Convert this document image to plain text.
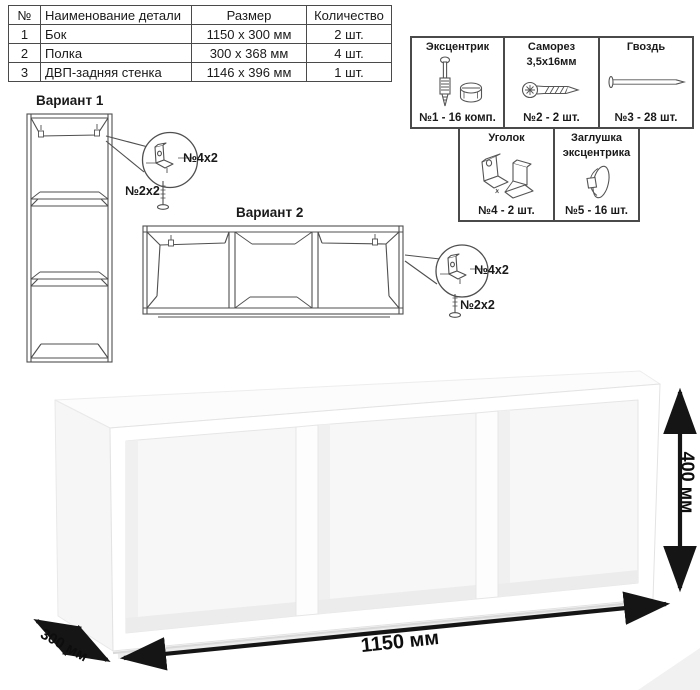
№	Наименование детали	Размер	Количество
1	Бок	1150 x 300 мм	2 шт.
2	Полка	300 x 368 мм	4 шт.
3	ДВП-задняя стенка	1146 x 396 мм	1 шт.
Эксцентрик
№1 - 16 комп.
Саморез
3,5х16мм
№2 - 2 шт.
Гвоздь
№3 - 28 шт.
Уголок
№4 - 2 шт.
Заглушка
эксцентрика
№5 - 16 шт.
Вариант 1
№4х2
№2х2
Вариант 2
№4х2
№2х2
1150 мм
400 мм
300 мм
